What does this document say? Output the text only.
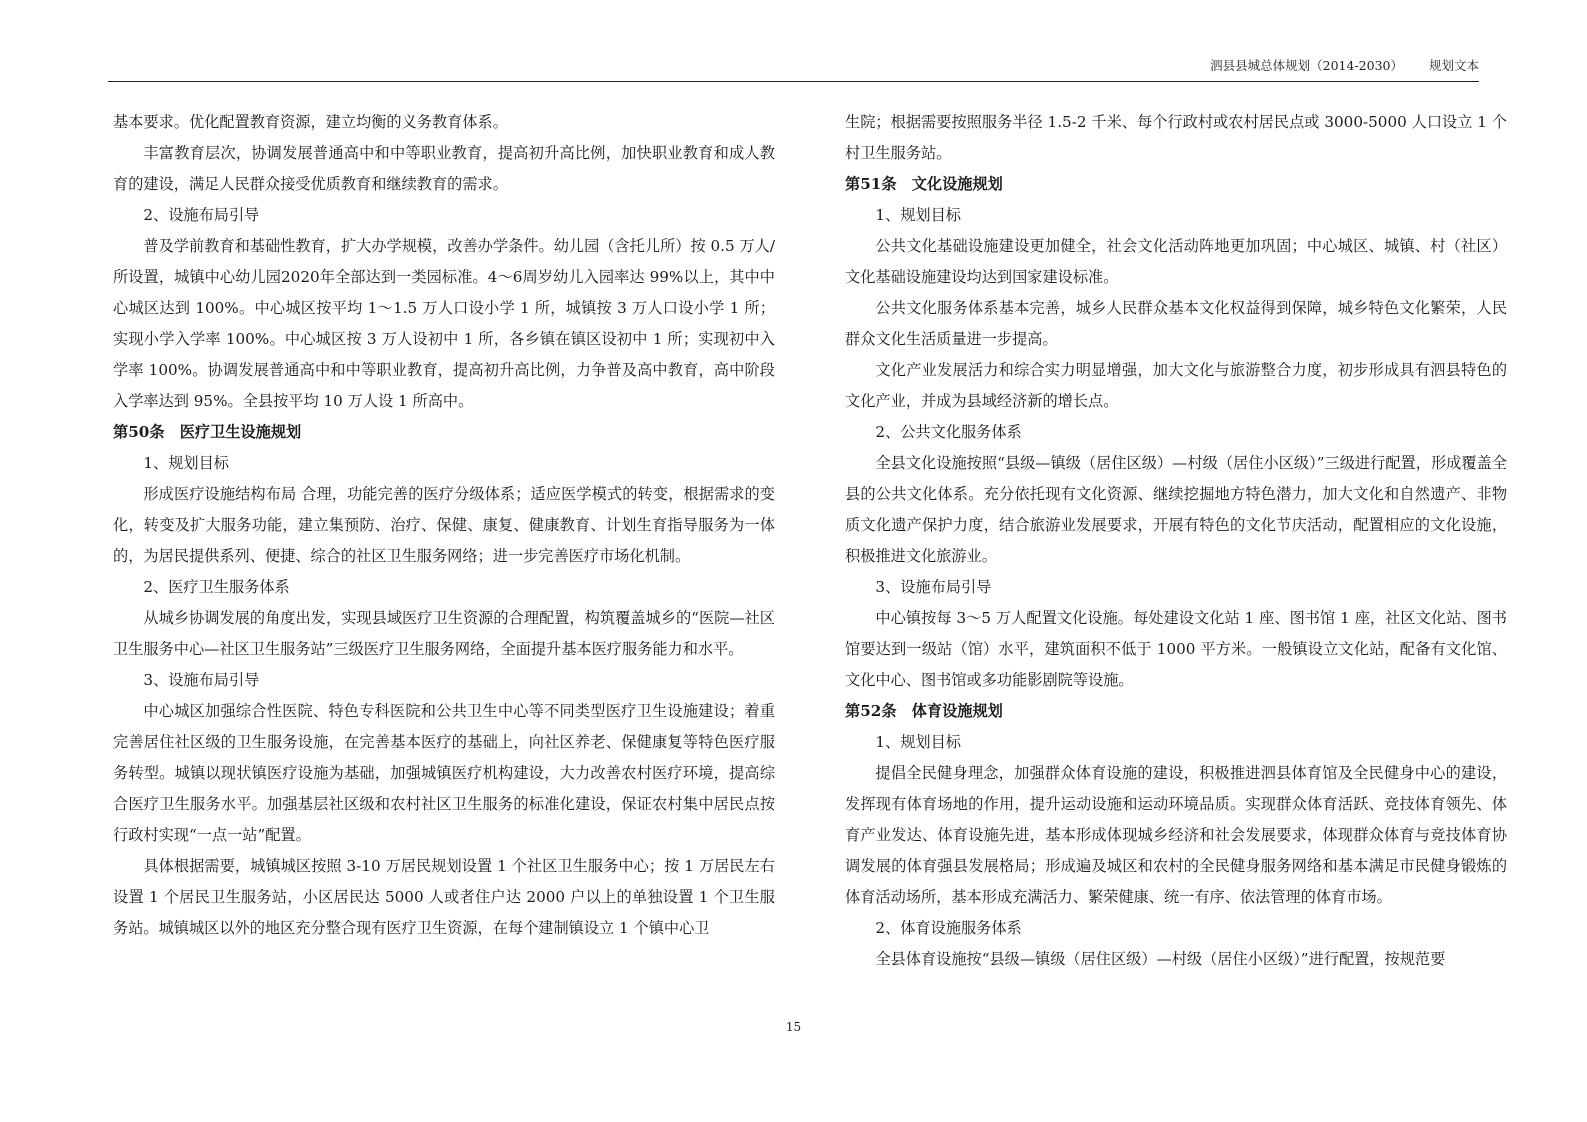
泗县县城总体规划（2014-2030） 规划文本

基本要求。优化配置教育资源，建立均衡的义务教育体系。

丰富教育层次，协调发展普通高中和中等职业教育，提高初升高比例，加快职业教育和成人教育的建设，满足人民群众接受优质教育和继续教育的需求。

2、设施布局引导

普及学前教育和基础性教育，扩大办学规模，改善办学条件。幼儿园（含托儿所）按 0.5 万人/所设置，城镇中心幼儿园2020年全部达到一类园标准。4～6周岁幼儿入园率达 99%以上，其中中心城区达到 100%。中心城区按平均 1～1.5 万人口设小学 1 所，城镇按 3 万人口设小学 1 所；实现小学入学率 100%。中心城区按 3 万人设初中 1 所，各乡镇在镇区设初中 1 所；实现初中入学率 100%。协调发展普通高中和中等职业教育，提高初升高比例，力争普及高中教育，高中阶段入学率达到 95%。全县按平均 10 万人设 1 所高中。

第50条　医疗卫生设施规划

1、规划目标

形成医疗设施结构布局 合理，功能完善的医疗分级体系；适应医学模式的转变，根据需求的变化，转变及扩大服务功能，建立集预防、治疗、保健、康复、健康教育、计划生育指导服务为一体的，为居民提供系列、便捷、综合的社区卫生服务网络；进一步完善医疗市场化机制。

2、医疗卫生服务体系

从城乡协调发展的角度出发，实现县域医疗卫生资源的合理配置，构筑覆盖城乡的“医院—社区卫生服务中心—社区卫生服务站”三级医疗卫生服务网络，全面提升基本医疗服务能力和水平。

3、设施布局引导

中心城区加强综合性医院、特色专科医院和公共卫生中心等不同类型医疗卫生设施建设；着重完善居住社区级的卫生服务设施，在完善基本医疗的基础上，向社区养老、保健康复等特色医疗服务转型。城镇以现状镇医疗设施为基础，加强城镇医疗机构建设，大力改善农村医疗环境，提高综合医疗卫生服务水平。加强基层社区级和农村社区卫生服务的标准化建设，保证农村集中居民点按行政村实现“一点一站”配置。

具体根据需要，城镇城区按照 3-10 万居民规划设置 1 个社区卫生服务中心；按 1 万居民左右设置 1 个居民卫生服务站，小区居民达 5000 人或者住户达 2000 户以上的单独设置 1 个卫生服务站。城镇城区以外的地区充分整合现有医疗卫生资源，在每个建制镇设立 1 个镇中心卫

生院；根据需要按照服务半径 1.5-2 千米、每个行政村或农村居民点或 3000-5000 人口设立 1 个村卫生服务站。

第51条　文化设施规划

1、规划目标

公共文化基础设施建设更加健全，社会文化活动阵地更加巩固；中心城区、城镇、村（社区）文化基础设施建设均达到国家建设标准。

公共文化服务体系基本完善，城乡人民群众基本文化权益得到保障，城乡特色文化繁荣，人民群众文化生活质量进一步提高。

文化产业发展活力和综合实力明显增强，加大文化与旅游整合力度，初步形成具有泗县特色的文化产业，并成为县域经济新的增长点。

2、公共文化服务体系

全县文化设施按照“县级—镇级（居住区级）—村级（居住小区级）”三级进行配置，形成覆盖全县的公共文化体系。充分依托现有文化资源、继续挖掘地方特色潜力，加大文化和自然遗产、非物质文化遗产保护力度，结合旅游业发展要求，开展有特色的文化节庆活动，配置相应的文化设施，积极推进文化旅游业。

3、设施布局引导

中心镇按每 3～5 万人配置文化设施。每处建设文化站 1 座、图书馆 1 座，社区文化站、图书馆要达到一级站（馆）水平，建筑面积不低于 1000 平方米。一般镇设立文化站，配备有文化馆、文化中心、图书馆或多功能影剧院等设施。

第52条　体育设施规划

1、规划目标

提倡全民健身理念，加强群众体育设施的建设，积极推进泗县体育馆及全民健身中心的建设，发挥现有体育场地的作用，提升运动设施和运动环境品质。实现群众体育活跃、竞技体育领先、体育产业发达、体育设施先进，基本形成体现城乡经济和社会发展要求，体现群众体育与竞技体育协调发展的体育强县发展格局；形成遍及城区和农村的全民健身服务网络和基本满足市民健身锻炼的体育活动场所，基本形成充满活力、繁荣健康、统一有序、依法管理的体育市场。

2、体育设施服务体系

全县体育设施按“县级—镇级（居住区级）—村级（居住小区级）”进行配置，按规范要

15
